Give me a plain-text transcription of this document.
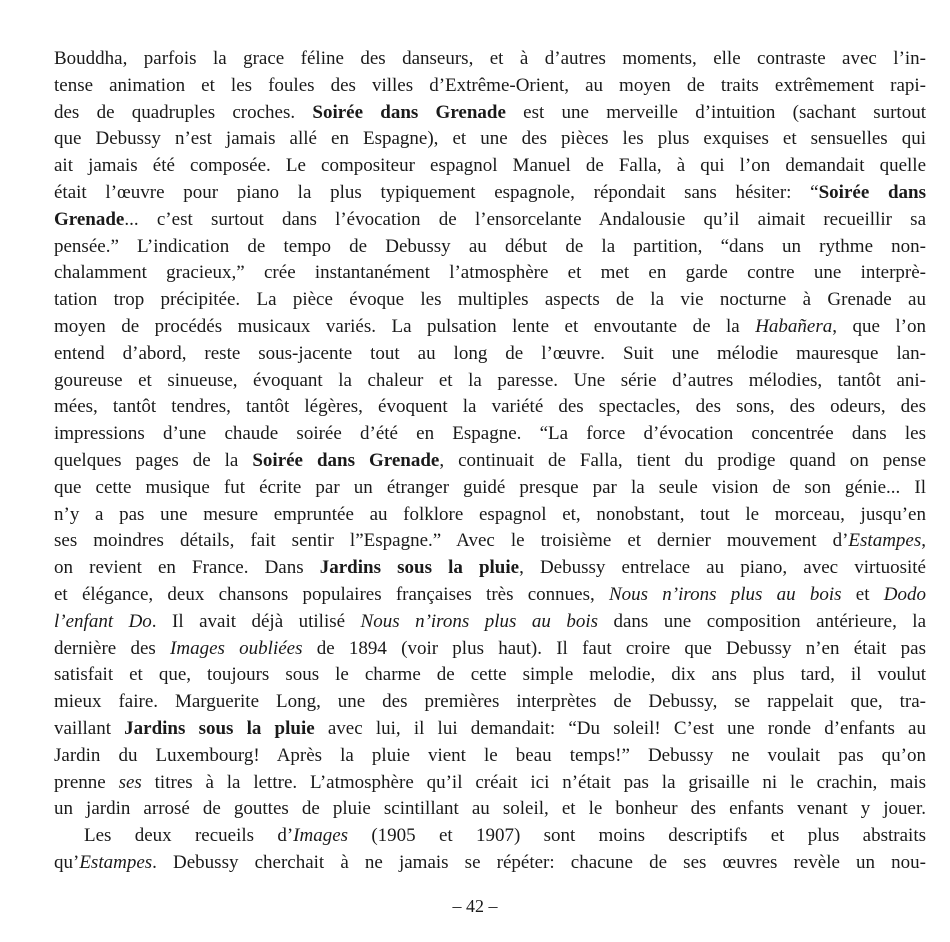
Bouddha, parfois la grace féline des danseurs, et à d’autres moments, elle contraste avec l’in-
tense animation et les foules des villes d’Extrême-Orient, au moyen de traits extrêmement rapi-
des de quadruples croches. Soirée dans Grenade est une merveille d’intuition (sachant surtout
que Debussy n’est jamais allé en Espagne), et une des pièces les plus exquises et sensuelles qui
ait jamais été composée. Le compositeur espagnol Manuel de Falla, à qui l’on demandait quelle
était l’œuvre pour piano la plus typiquement espagnole, répondait sans hésiter: “Soirée dans
Grenade... c’est surtout dans l’évocation de l’ensorcelante Andalousie qu’il aimait recueillir sa
pensée.” L’indication de tempo de Debussy au début de la partition, “dans un rythme non-
chalamment gracieux,” crée instantanément l’atmosphère et met en garde contre une interprè-
tation trop précipitée. La pièce évoque les multiples aspects de la vie nocturne à Grenade au
moyen de procédés musicaux variés. La pulsation lente et envoutante de la Habañera, que l’on
entend d’abord, reste sous-jacente tout au long de l’œuvre. Suit une mélodie mauresque lan-
goureuse et sinueuse, évoquant la chaleur et la paresse. Une série d’autres mélodies, tantôt ani-
mées, tantôt tendres, tantôt légères, évoquent la variété des spectacles, des sons, des odeurs, des
impressions d’une chaude soirée d’été en Espagne. “La force d’évocation concentrée dans les
quelques pages de la Soirée dans Grenade, continuait de Falla, tient du prodige quand on pense
que cette musique fut écrite par un étranger guidé presque par la seule vision de son génie... Il
n’y a pas une mesure empruntée au folklore espagnol et, nonobstant, tout le morceau, jusqu’en
ses moindres détails, fait sentir l”Espagne.” Avec le troisième et dernier mouvement d’Estampes,
on revient en France. Dans Jardins sous la pluie, Debussy entrelace au piano, avec virtuosité
et élégance, deux chansons populaires françaises très connues, Nous n’irons plus au bois et Dodo
l’enfant Do. Il avait déjà utilisé Nous n’irons plus au bois dans une composition antérieure, la
dernière des Images oubliées de 1894 (voir plus haut). Il faut croire que Debussy n’en était pas
satisfait et que, toujours sous le charme de cette simple melodie, dix ans plus tard, il voulut
mieux faire. Marguerite Long, une des premières interprètes de Debussy, se rappelait que, tra-
vaillant Jardins sous la pluie avec lui, il lui demandait: “Du soleil! C’est une ronde d’enfants au
Jardin du Luxembourg! Après la pluie vient le beau temps!” Debussy ne voulait pas qu’on
prenne ses titres à la lettre. L’atmosphère qu’il créait ici n’était pas la grisaille ni le crachin, mais
un jardin arrosé de gouttes de pluie scintillant au soleil, et le bonheur des enfants venant y jouer.
Les deux recueils d’Images (1905 et 1907) sont moins descriptifs et plus abstraits
qu’Estampes. Debussy cherchait à ne jamais se répéter: chacune de ses œuvres revèle un nou-
– 42 –
